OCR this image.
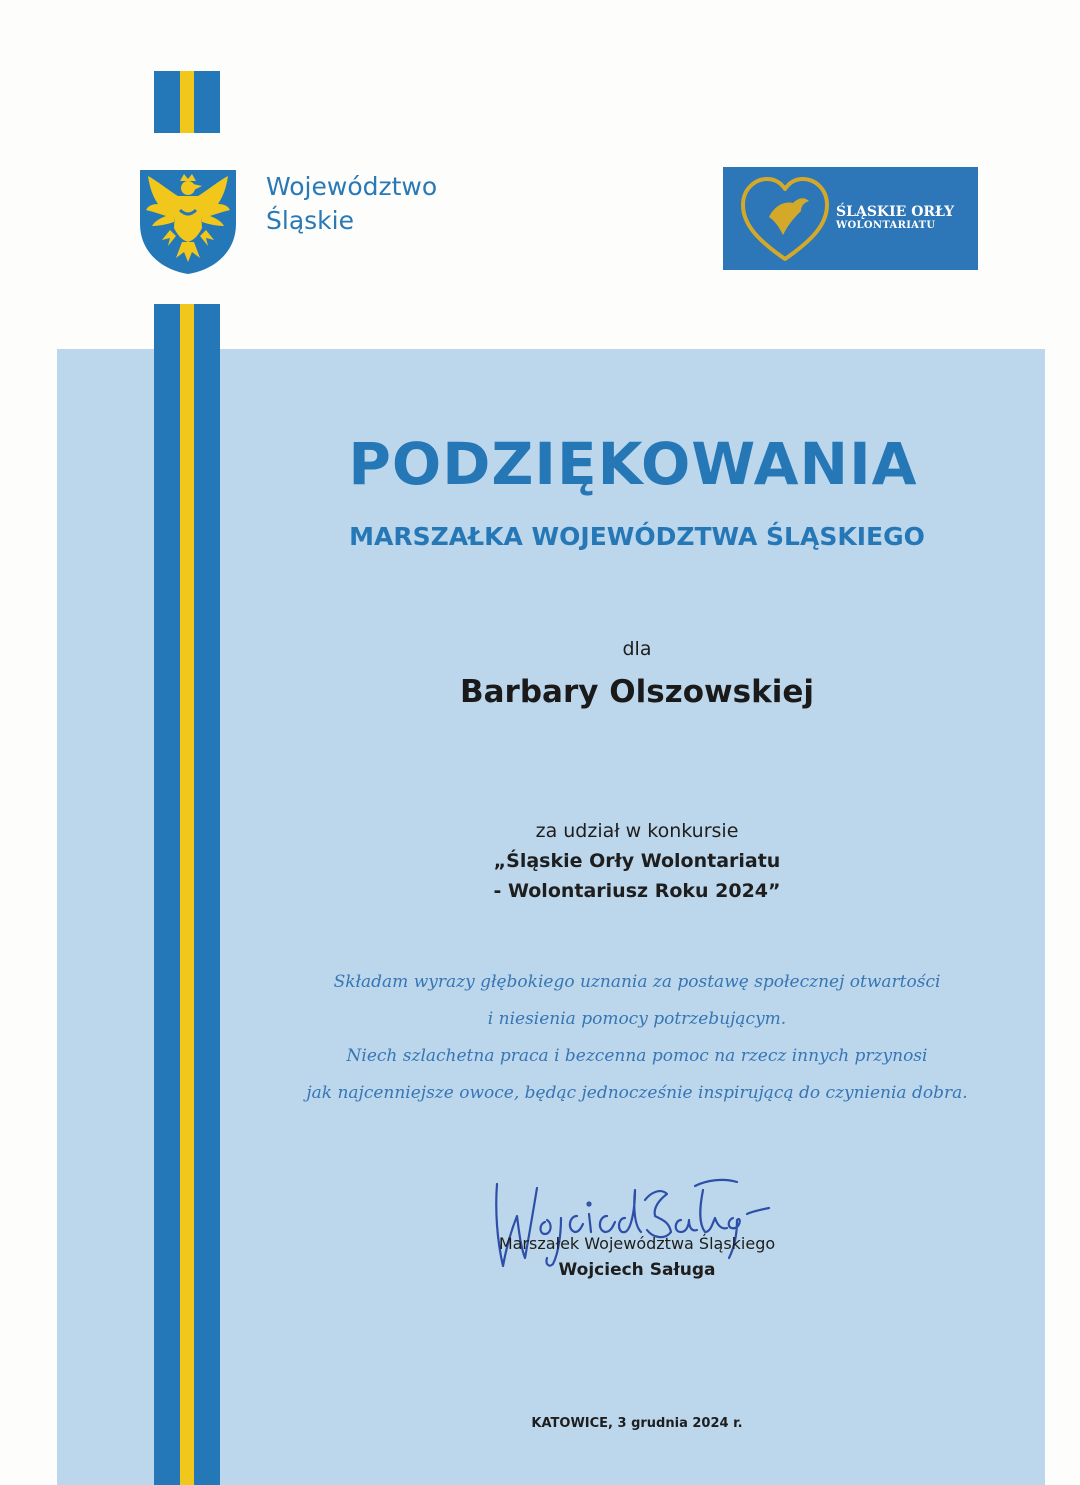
Województwo
Śląskie	ŚLĄSKIE ORŁY
WOLONTARIATU
PODZIĘKOWANIA
MARSZAŁKA WOJEWÓDZTWA ŚLĄSKIEGO
dla
Barbary Olszowskiej
za udział w konkursie
„Śląskie Orły Wolontariatu
- Wolontariusz Roku 2024”
Składam wyrazy głębokiego uznania za postawę społecznej otwartości
i niesienia pomocy potrzebującym.
Niech szlachetna praca i bezcenna pomoc na rzecz innych przynosi
jak najcenniejsze owoce, będąc jednocześnie inspirującą do czynienia dobra.
Marszałek Województwa Śląskiego
Wojciech Saługa
KATOWICE, 3 grudnia 2024 r.
